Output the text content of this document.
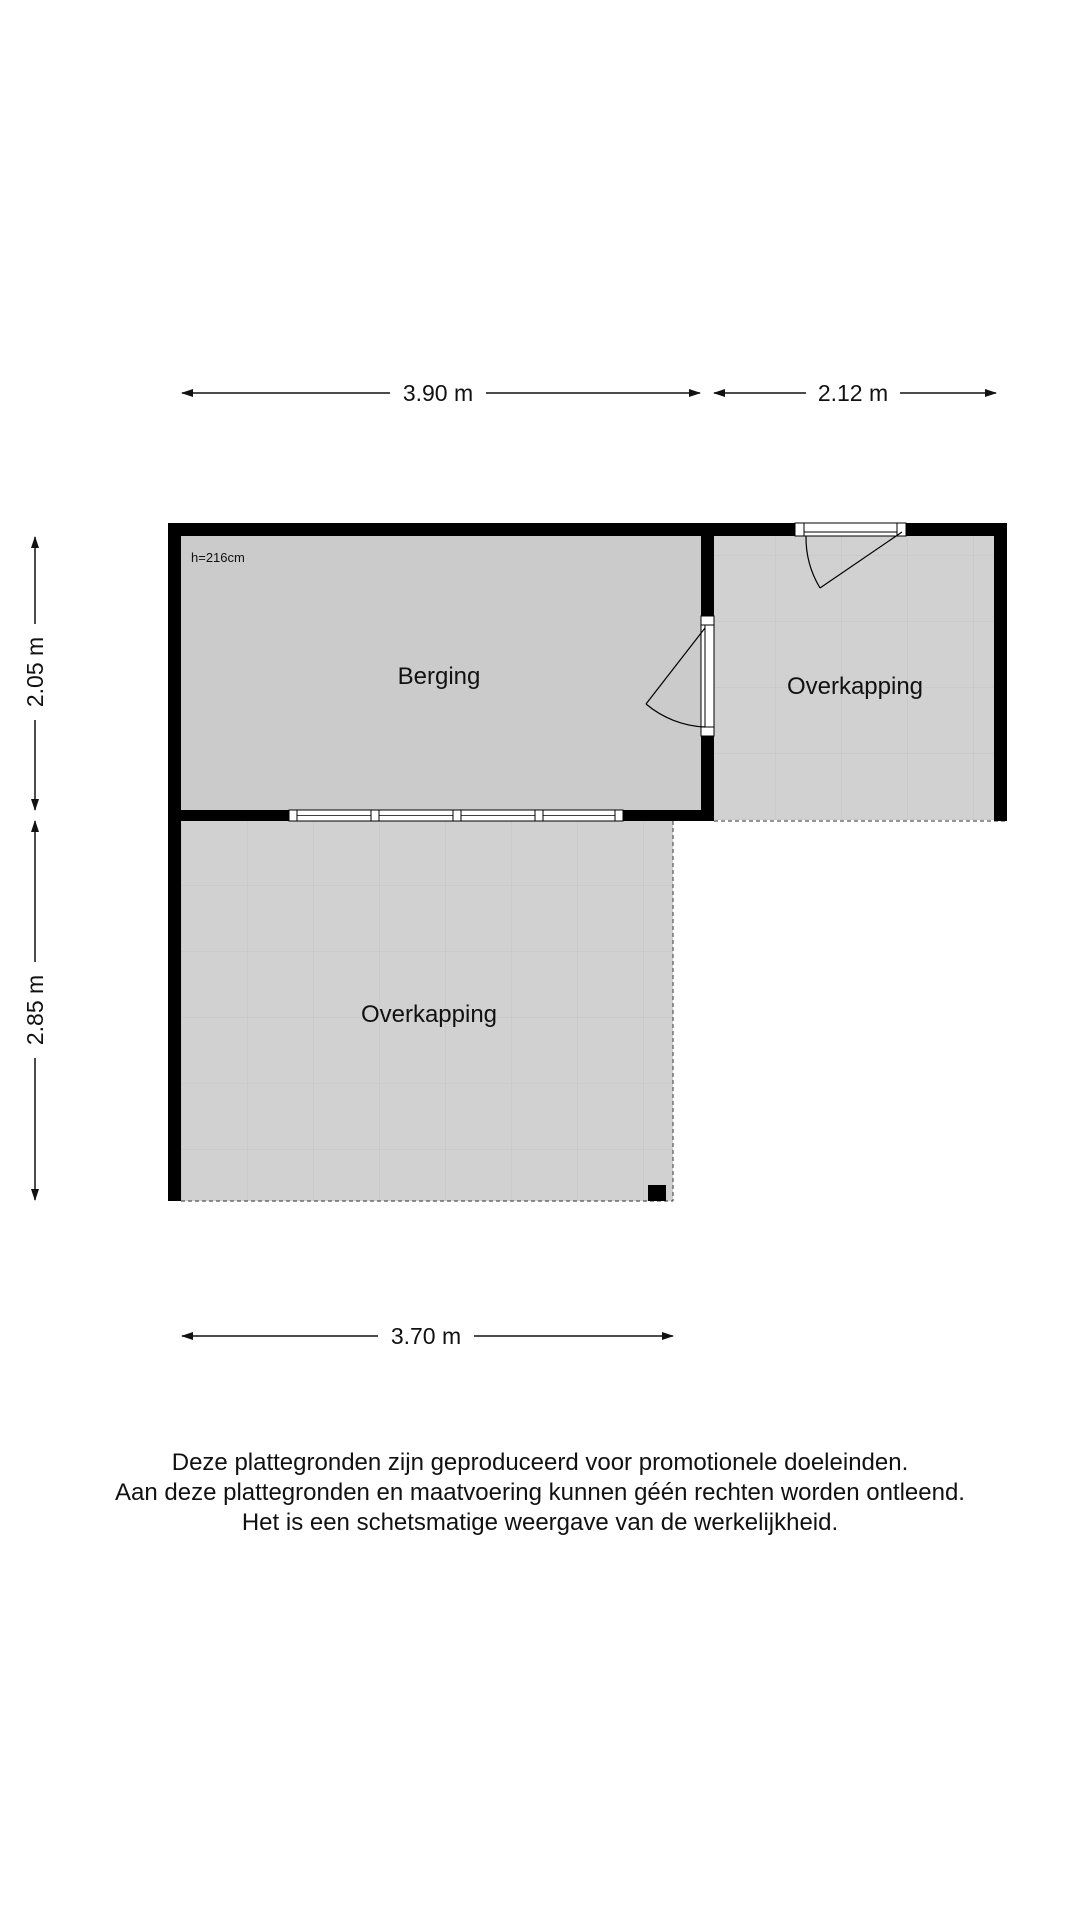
h=216cm
Berging	Overkapping
Overkapping
3.90 m	2.12 m
3.70 m
2.05 m
2.85 m
Deze plattegronden zijn geproduceerd voor promotionele doeleinden.
Aan deze plattegronden en maatvoering kunnen géén rechten worden ontleend.
Het is een schetsmatige weergave van de werkelijkheid.
